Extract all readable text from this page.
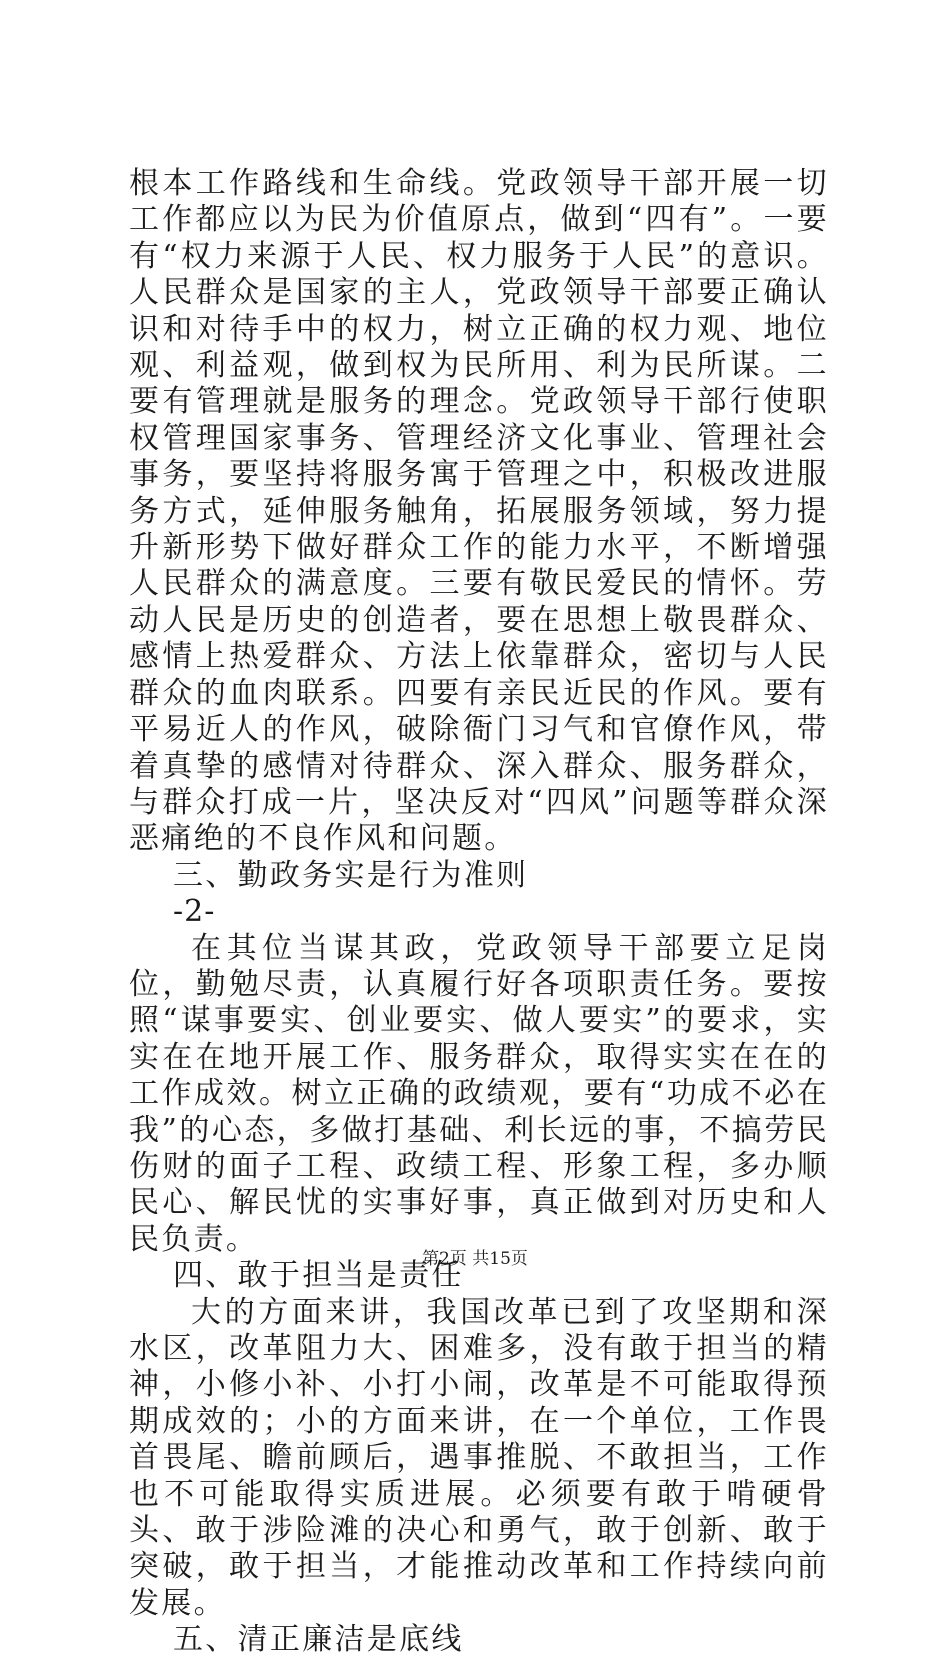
根本工作路线和生命线。党政领导干部开展一切工作都应以为民为价值原点，做到“四有”。一要有“权力来源于人民、权力服务于人民”的意识。人民群众是国家的主人，党政领导干部要正确认识和对待手中的权力，树立正确的权力观、地位观、利益观，做到权为民所用、利为民所谋。二要有管理就是服务的理念。党政领导干部行使职权管理国家事务、管理经济文化事业、管理社会事务，要坚持将服务寓于管理之中，积极改进服务方式，延伸服务触角，拓展服务领域，努力提升新形势下做好群众工作的能力水平，不断增强人民群众的满意度。三要有敬民爱民的情怀。劳动人民是历史的创造者，要在思想上敬畏群众、感情上热爱群众、方法上依靠群众，密切与人民群众的血肉联系。四要有亲民近民的作风。要有平易近人的作风，破除衙门习气和官僚作风，带着真挚的感情对待群众、深入群众、服务群众，与群众打成一片，坚决反对“四风”问题等群众深恶痛绝的不良作风和问题。

三、勤政务实是行为准则

-2-

在其位当谋其政，党政领导干部要立足岗位，勤勉尽责，认真履行好各项职责任务。要按照“谋事要实、创业要实、做人要实”的要求，实实在在地开展工作、服务群众，取得实实在在的工作成效。树立正确的政绩观，要有“功成不必在我”的心态，多做打基础、利长远的事，不搞劳民伤财的面子工程、政绩工程、形象工程，多办顺民心、解民忧的实事好事，真正做到对历史和人民负责。

四、敢于担当是责任

大的方面来讲，我国改革已到了攻坚期和深水区，改革阻力大、困难多，没有敢于担当的精神，小修小补、小打小闹，改革是不可能取得预期成效的；小的方面来讲，在一个单位，工作畏首畏尾、瞻前顾后，遇事推脱、不敢担当，工作也不可能取得实质进展。必须要有敢于啃硬骨头、敢于涉险滩的决心和勇气，敢于创新、敢于突破，敢于担当，才能推动改革和工作持续向前发展。

五、清正廉洁是底线

第2页 共15页
